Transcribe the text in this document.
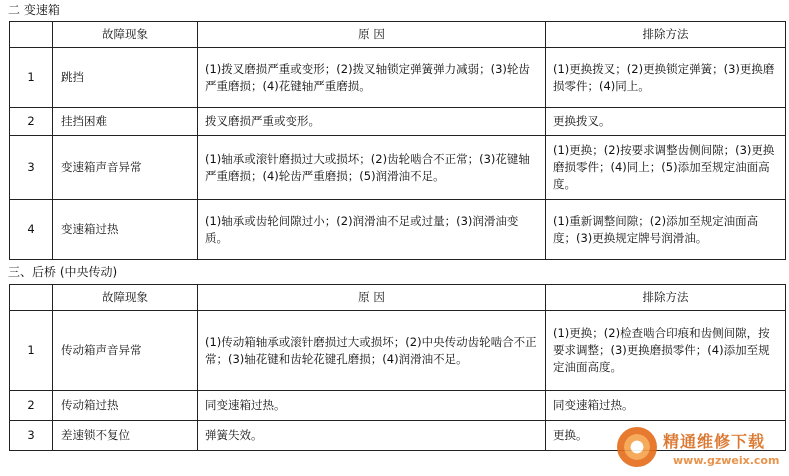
二 变速箱
	故障现象	原 因	排除方法
1	跳挡	(1)拨叉磨损严重或变形；(2)拨叉轴锁定弹簧弹力减弱；(3)轮齿严重磨损；(4)花键轴严重磨损。	(1)更换拨叉；(2)更换锁定弹簧；(3)更换磨损零件；(4)同上。
2	挂挡困难	拨叉磨损严重或变形。	更换拨叉。
3	变速箱声音异常	(1)轴承或滚针磨损过大或损坏；(2)齿轮啮合不正常；(3)花键轴严重磨损；(4)轮齿严重磨损；(5)润滑油不足。	(1)更换；(2)按要求调整齿侧间隙；(3)更换磨损零件；(4)同上；(5)添加至规定油面高度。
4	变速箱过热	(1)轴承或齿轮间隙过小；(2)润滑油不足或过量；(3)润滑油变质。	(1)重新调整间隙；(2)添加至规定油面高度；(3)更换规定牌号润滑油。
三、后桥 (中央传动)
	故障现象	原 因	排除方法
1	传动箱声音异常	(1)传动箱轴承或滚针磨损过大或损坏；(2)中央传动齿轮啮合不正常；(3)轴花键和齿轮花键孔磨损；(4)润滑油不足。	(1)更换；(2)检查啮合印痕和齿侧间隙，按要求调整；(3)更换磨损零件；(4)添加至规定油面高度。
2	传动箱过热	同变速箱过热。	同变速箱过热。
3	差速锁不复位	弹簧失效。	更换。	精通维修下载
www.gzweix.com
